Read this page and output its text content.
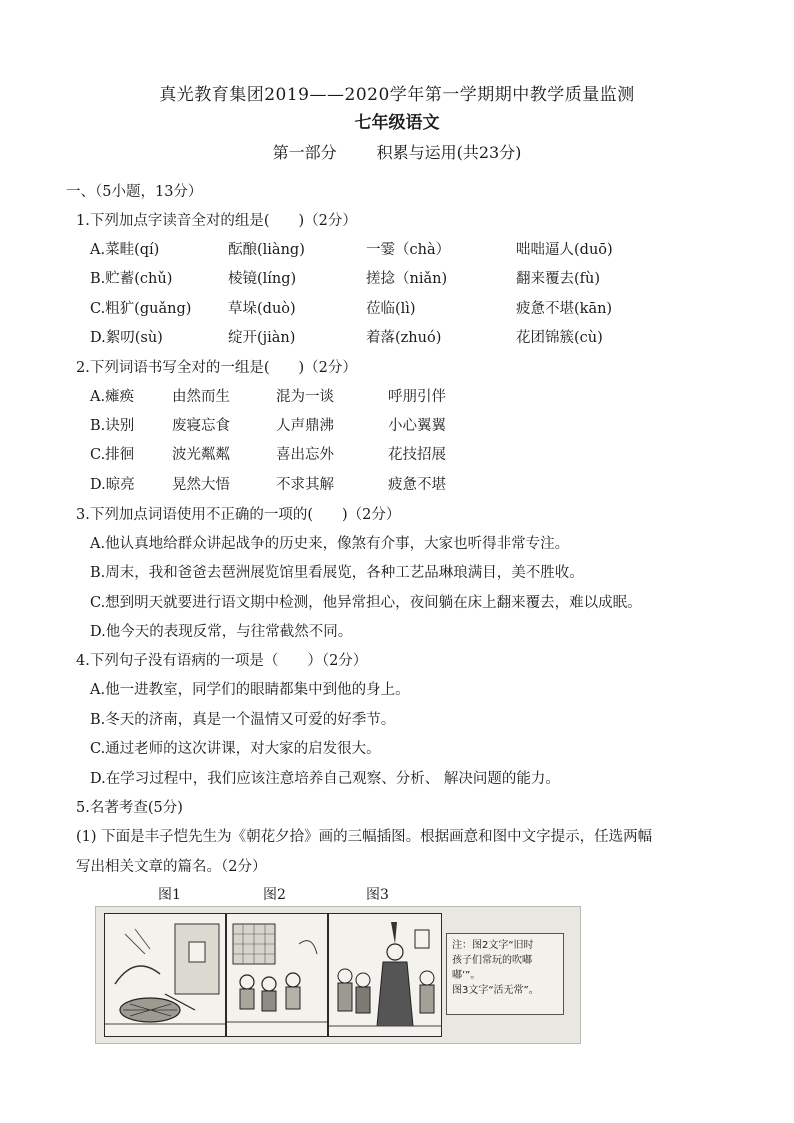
真光教育集团2019——2020学年第一学期期中教学质量监测
七年级语文
第一部分	积累与运用(共23分)
一、（5小题，13分）
1.下列加点字读音全对的组是(　　)（2分）
A.菜畦(qí)	酝酿(liàng)	一霎（chà）	咄咄逼人(duō)
B.贮蓄(chǔ)	棱镜(líng)	搓捻（niǎn)	翻来覆去(fù)
C.粗犷(guǎng)	草垛(duò)	莅临(lì)	疲惫不堪(kān)
D.絮叨(sù)	绽开(jiàn)	着落(zhuó)	花团锦簇(cù)
2.下列词语书写全对的一组是(　　)（2分）
A.瘫痪	由然而生	混为一谈	呼朋引伴
B.诀别	废寝忘食	人声鼎沸	小心翼翼
C.排徊	波光粼粼	喜出忘外	花技招展
D.晾亮	晃然大悟	不求其解	疲惫不堪
3.下列加点词语使用不正确的一项的(　　)（2分）
A.他认真地给群众讲起战争的历史来，像煞有介事，大家也听得非常专注。
B.周末，我和爸爸去琶洲展览馆里看展览，各种工艺品琳琅满目，美不胜收。
C.想到明天就要进行语文期中检测，他异常担心，夜间躺在床上翻来覆去，难以成眠。
D.他今天的表现反常，与往常截然不同。
4.下列句子没有语病的一项是（　　）（2分）
A.他一进教室，同学们的眼睛都集中到他的身上。
B.冬天的济南，真是一个温情又可爱的好季节。
C.通过老师的这次讲课，对大家的启发很大。
D.在学习过程中，我们应该注意培养自己观察、分析、 解决问题的能力。
5.名著考查(5分)
(1) 下面是丰子恺先生为《朝花夕拾》画的三幅插图。根据画意和图中文字提示，任选两幅
写出相关文章的篇名。（2分）
图1	图2	图3
注：图2文字“旧时
孩子们常玩的吹嘟
嘟’”。
图3文字“活无常”。
